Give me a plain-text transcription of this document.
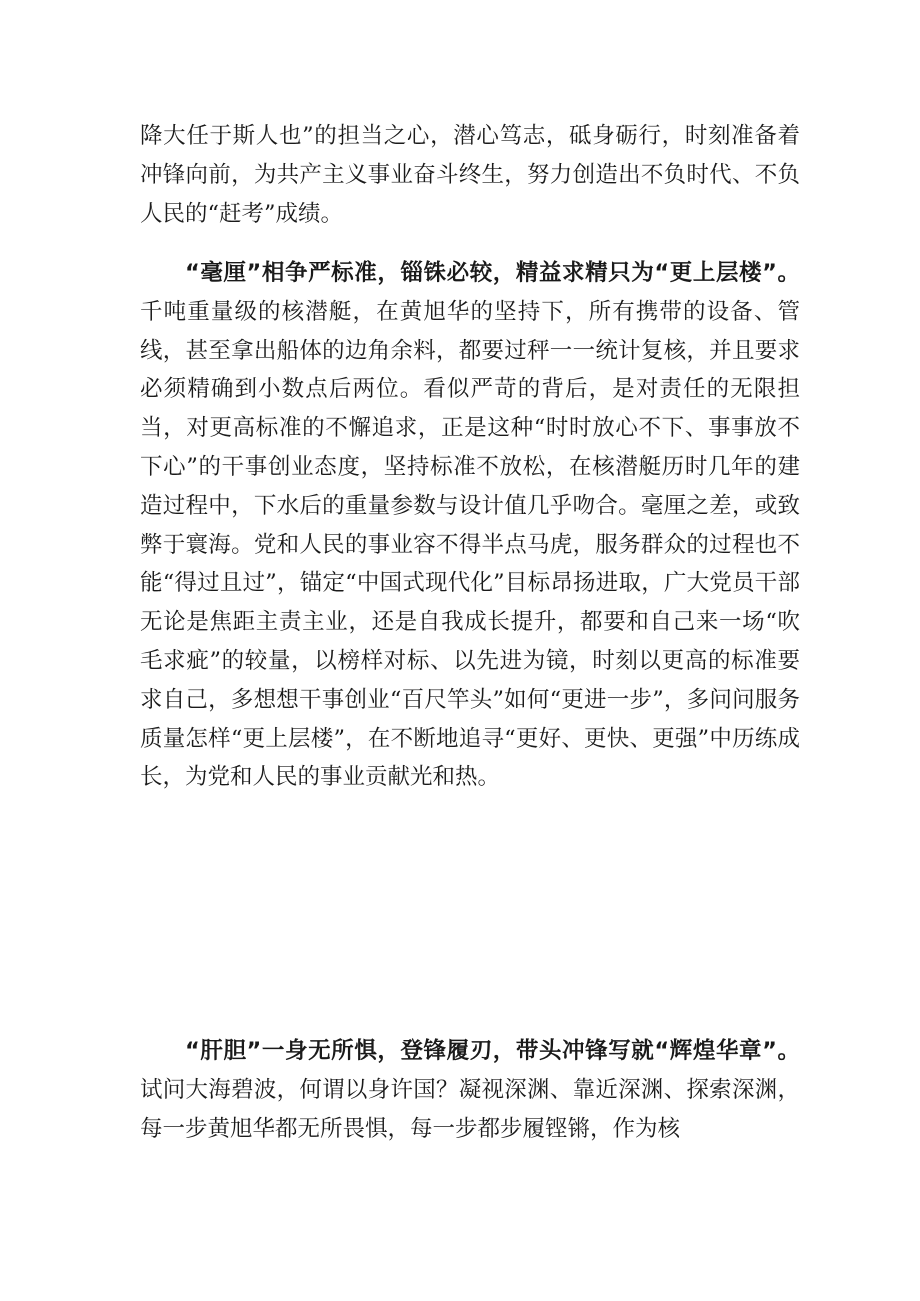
降大任于斯人也”的担当之心，潜心笃志，砥身砺行，时刻准备着冲锋向前，为共产主义事业奋斗终生，努力创造出不负时代、不负人民的“赶考”成绩。

“毫厘”相争严标准，锱铢必较，精益求精只为“更上层楼”。千吨重量级的核潜艇，在黄旭华的坚持下，所有携带的设备、管线，甚至拿出船体的边角余料，都要过秤一一统计复核，并且要求必须精确到小数点后两位。看似严苛的背后，是对责任的无限担当，对更高标准的不懈追求，正是这种“时时放心不下、事事放不下心”的干事创业态度，坚持标准不放松，在核潜艇历时几年的建造过程中，下水后的重量参数与设计值几乎吻合。毫厘之差，或致弊于寰海。党和人民的事业容不得半点马虎，服务群众的过程也不能“得过且过”，锚定“中国式现代化”目标昂扬进取，广大党员干部无论是焦距主责主业，还是自我成长提升，都要和自己来一场“吹毛求疵”的较量，以榜样对标、以先进为镜，时刻以更高的标准要求自己，多想想干事创业“百尺竿头”如何“更进一步”，多问问服务质量怎样“更上层楼”，在不断地追寻“更好、更快、更强”中历练成长，为党和人民的事业贡献光和热。

“肝胆”一身无所惧，登锋履刃，带头冲锋写就“辉煌华章”。试问大海碧波，何谓以身许国？凝视深渊、靠近深渊、探索深渊，每一步黄旭华都无所畏惧，每一步都步履铿锵，作为核
